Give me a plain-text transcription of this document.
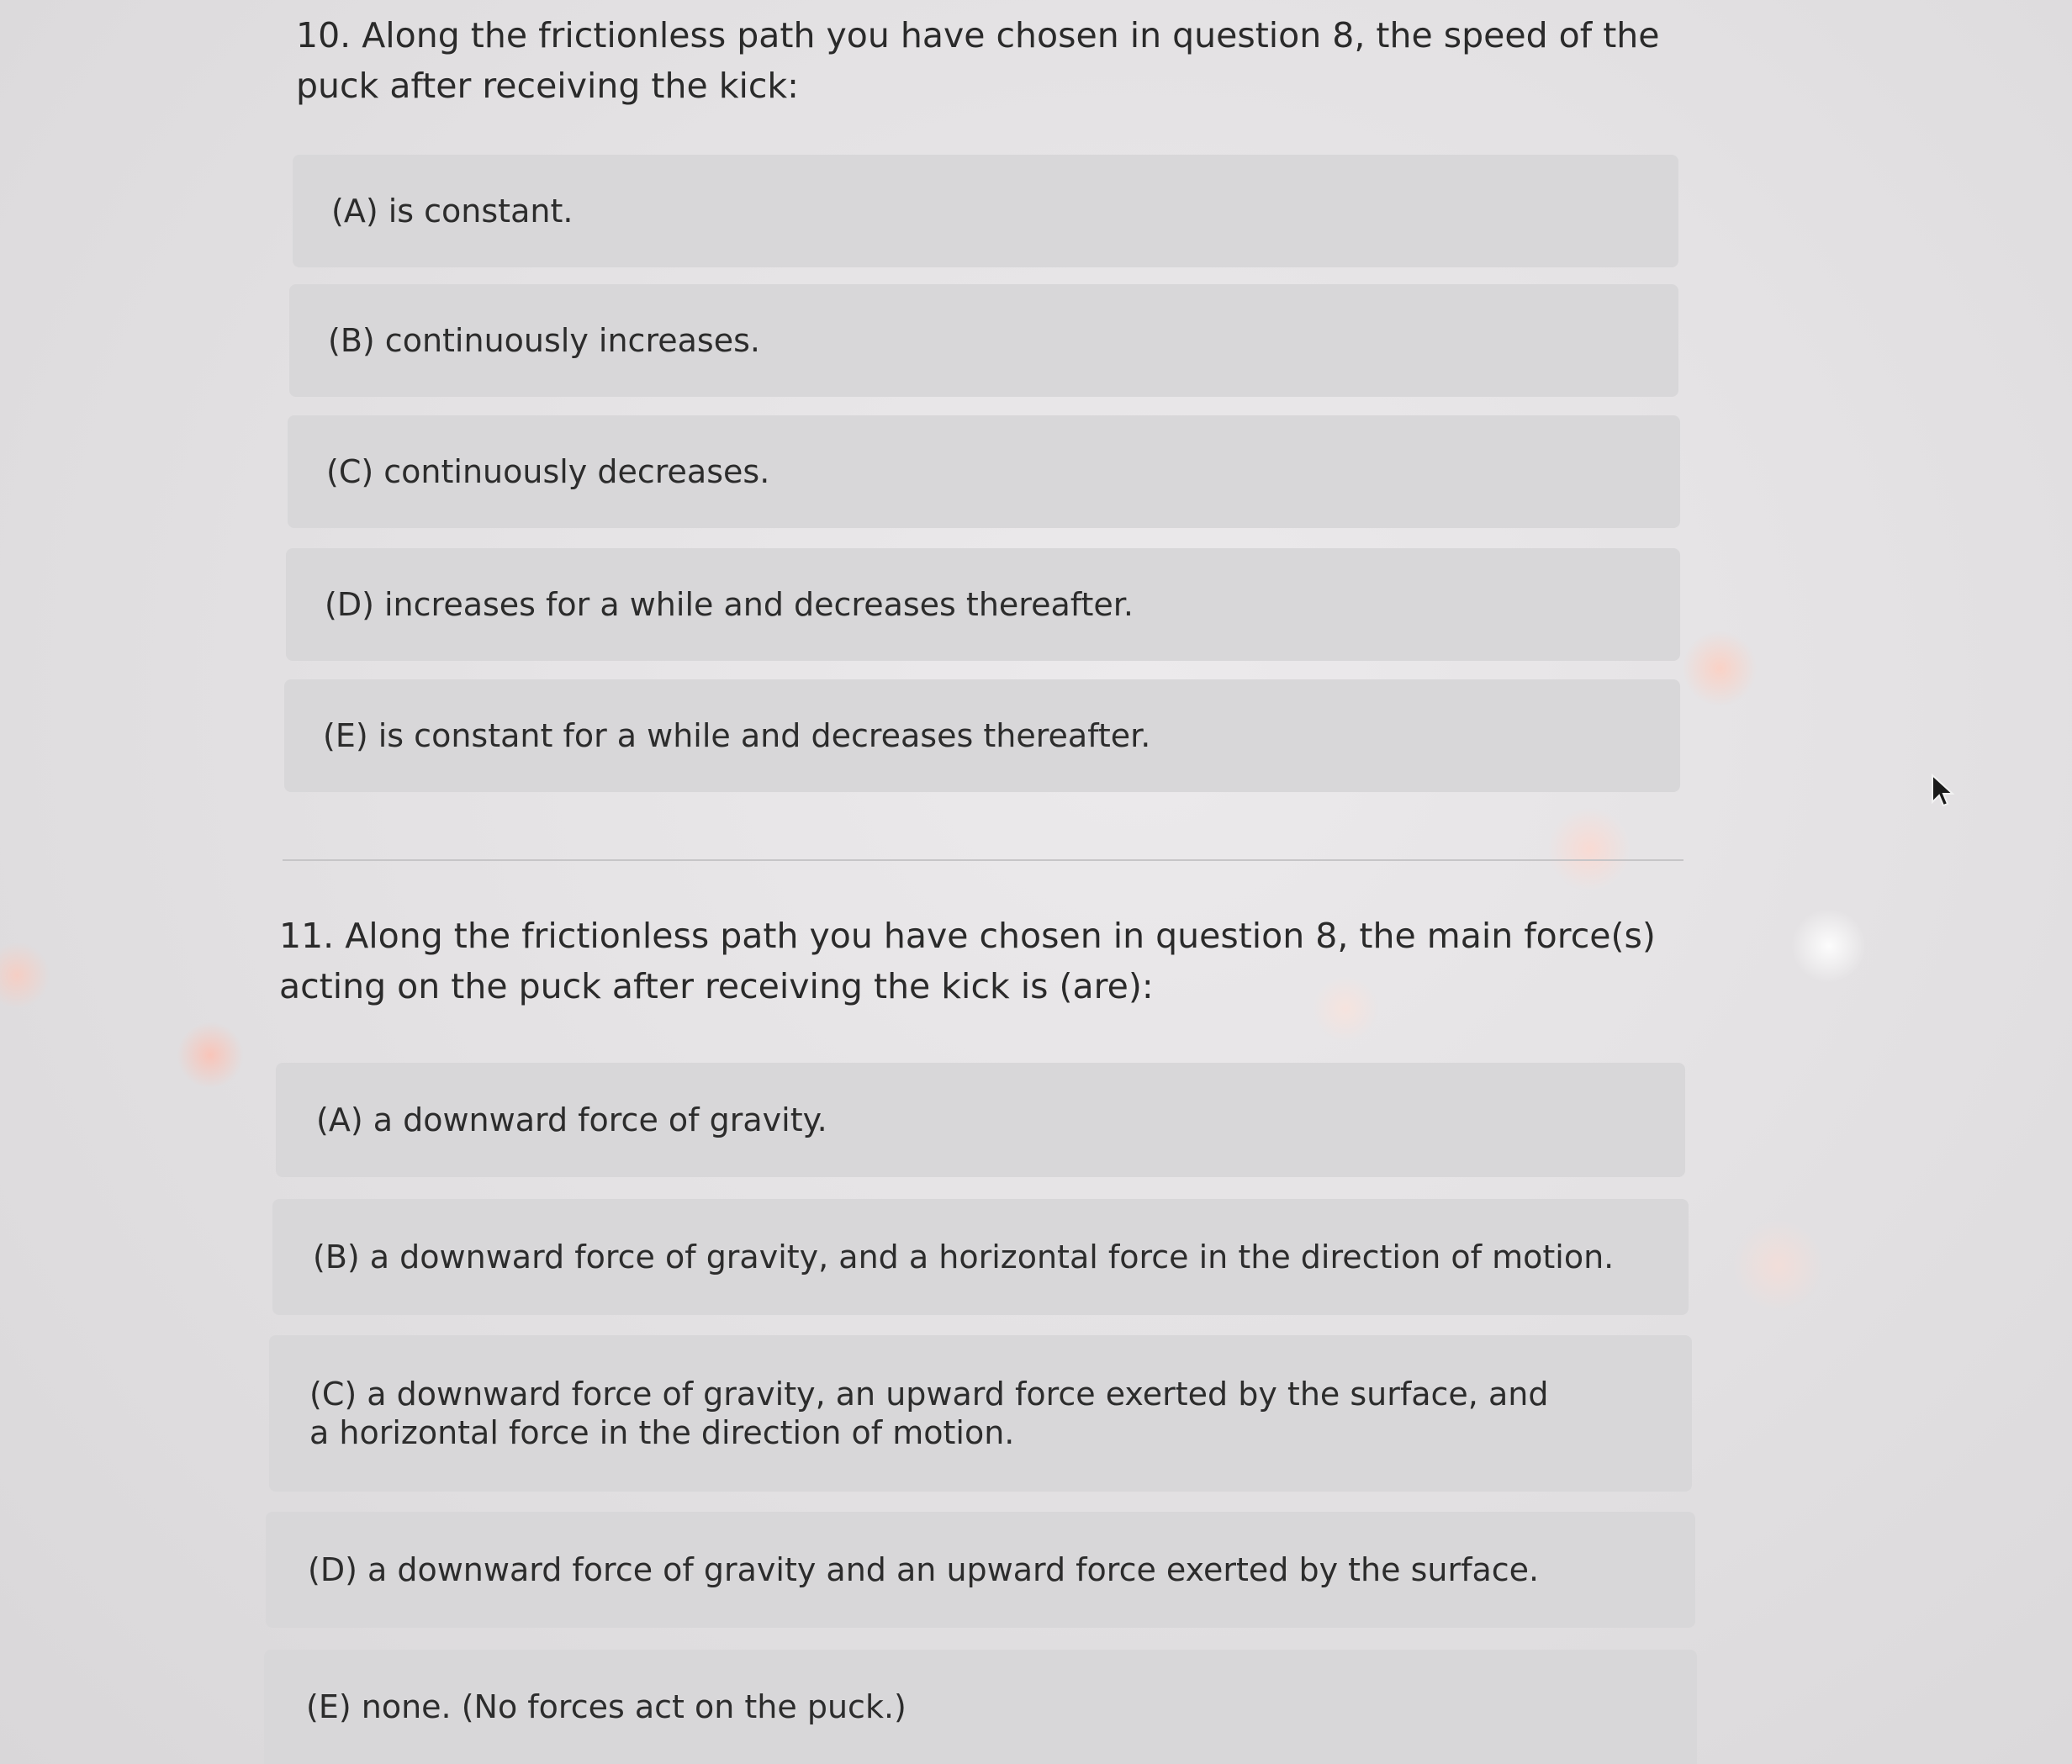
10. Along the frictionless path you have chosen in question 8, the speed of the puck after receiving the kick:

(A) is constant.
(B) continuously increases.
(C) continuously decreases.
(D) increases for a while and decreases thereafter.
(E) is constant for a while and decreases thereafter.

11. Along the frictionless path you have chosen in question 8, the main force(s) acting on the puck after receiving the kick is (are):

(A) a downward force of gravity.
(B) a downward force of gravity, and a horizontal force in the direction of motion.
(C) a downward force of gravity, an upward force exerted by the surface, and a horizontal force in the direction of motion.
(D) a downward force of gravity and an upward force exerted by the surface.
(E) none. (No forces act on the puck.)
